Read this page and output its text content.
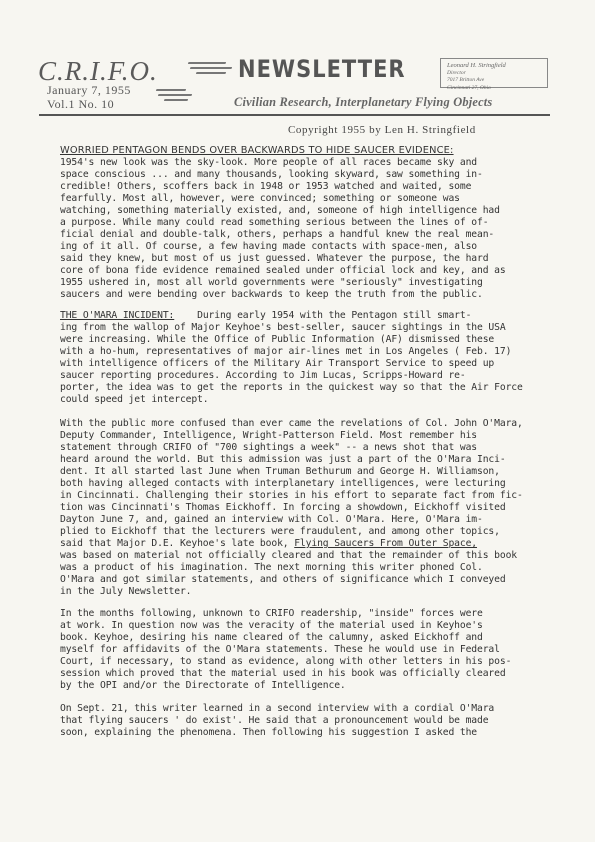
C.R.I.F.O.	NEWSLETTER
January 7, 1955
Vol.1 No. 10
Leonard H. Stringfield
Director
7017 Britton Ave
Cincinnati 27, Ohio
Civilian Research, Interplanetary Flying Objects
Copyright 1955 by Len H. Stringfield
WORRIED PENTAGON BENDS OVER BACKWARDS TO HIDE SAUCER EVIDENCE:
1954's new look was the sky-look. More people of all races became sky and
space conscious ... and many thousands, looking skyward, saw something in-
credible! Others, scoffers back in 1948 or 1953 watched and waited, some
fearfully. Most all, however, were convinced; something or someone was
watching, something materially existed, and, someone of high intelligence had
a purpose. While many could read something serious between the lines of of-
ficial denial and double-talk, others, perhaps a handful knew the real mean-
ing of it all. Of course, a few having made contacts with space-men, also
said they knew, but most of us just guessed. Whatever the purpose, the hard
core of bona fide evidence remained sealed under official lock and key, and as
1955 ushered in, most all world governments were "seriously" investigating
saucers and were bending over backwards to keep the truth from the public.
THE O'MARA INCIDENT: During early 1954 with the Pentagon still smart-
ing from the wallop of Major Keyhoe's best-seller, saucer sightings in the USA
were increasing. While the Office of Public Information (AF) dismissed these
with a ho-hum, representatives of major air-lines met in Los Angeles ( Feb. 17)
with intelligence officers of the Military Air Transport Service to speed up
saucer reporting procedures. According to Jim Lucas, Scripps-Howard re-
porter, the idea was to get the reports in the quickest way so that the Air Force
could speed jet intercept.
With the public more confused than ever came the revelations of Col. John O'Mara,
Deputy Commander, Intelligence, Wright-Patterson Field. Most remember his
statement through CRIFO of "700 sightings a week" -- a news shot that was
heard around the world. But this admission was just a part of the O'Mara Inci-
dent. It all started last June when Truman Bethurum and George H. Williamson,
both having alleged contacts with interplanetary intelligences, were lecturing
in Cincinnati. Challenging their stories in his effort to separate fact from fic-
tion was Cincinnati's Thomas Eickhoff. In forcing a showdown, Eickhoff visited
Dayton June 7, and, gained an interview with Col. O'Mara. Here, O'Mara im-
plied to Eickhoff that the lecturers were fraudulent, and among other topics,
said that Major D.E. Keyhoe's late book, Flying Saucers From Outer Space,
was based on material not officially cleared and that the remainder of this book
was a product of his imagination. The next morning this writer phoned Col.
O'Mara and got similar statements, and others of significance which I conveyed
in the July Newsletter.
In the months following, unknown to CRIFO readership, "inside" forces were
at work. In question now was the veracity of the material used in Keyhoe's
book. Keyhoe, desiring his name cleared of the calumny, asked Eickhoff and
myself for affidavits of the O'Mara statements. These he would use in Federal
Court, if necessary, to stand as evidence, along with other letters in his pos-
session which proved that the material used in his book was officially cleared
by the OPI and/or the Directorate of Intelligence.
On Sept. 21, this writer learned in a second interview with a cordial O'Mara
that flying saucers ' do exist'. He said that a pronouncement would be made
soon, explaining the phenomena. Then following his suggestion I asked the
